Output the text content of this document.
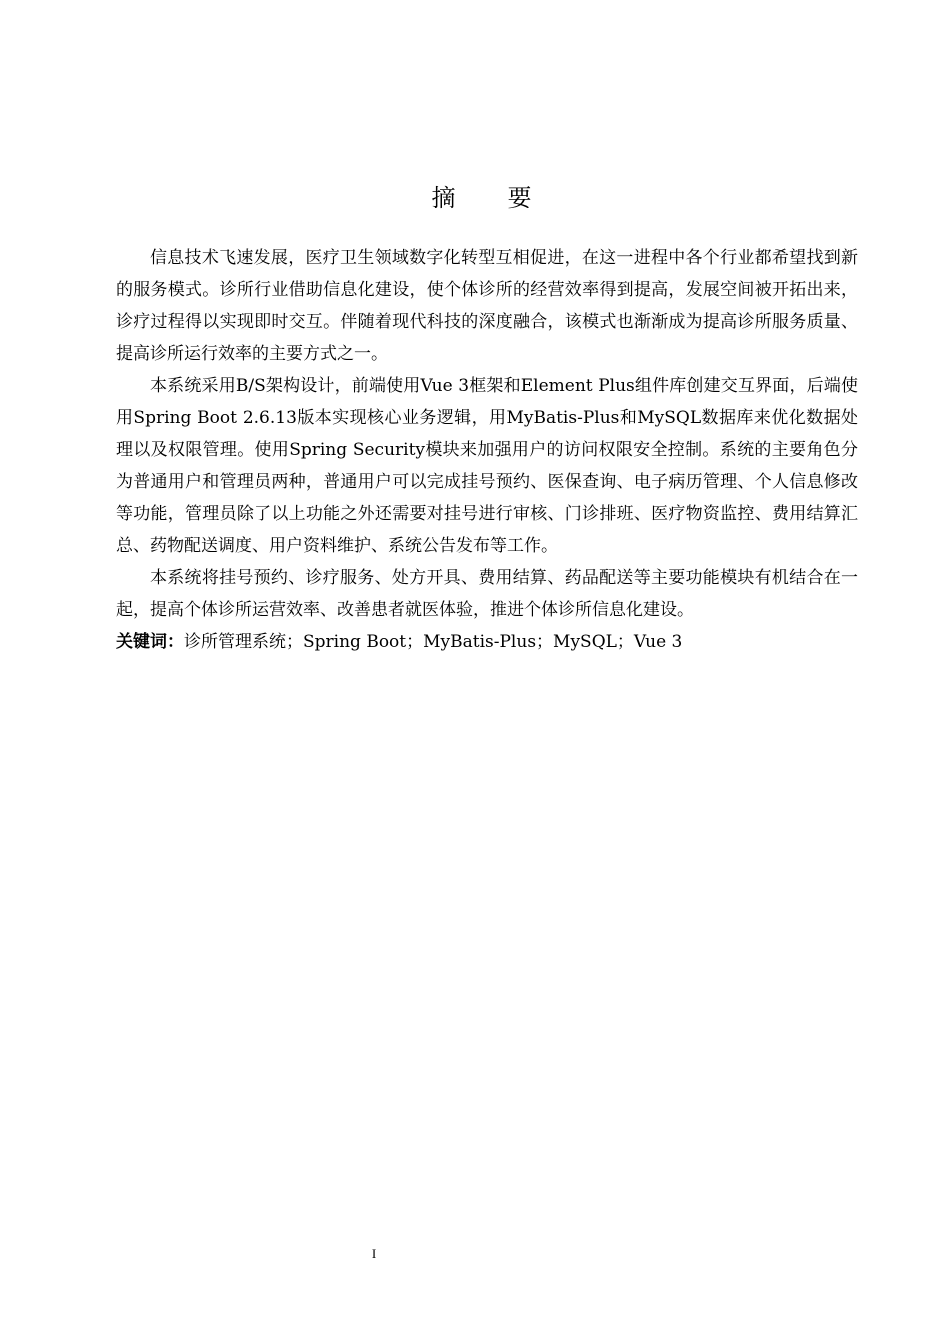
摘 要

信息技术飞速发展，医疗卫生领域数字化转型互相促进，在这一进程中各个行业都希望找到新的服务模式。诊所行业借助信息化建设，使个体诊所的经营效率得到提高，发展空间被开拓出来，诊疗过程得以实现即时交互。伴随着现代科技的深度融合，该模式也渐渐成为提高诊所服务质量、提高诊所运行效率的主要方式之一。

本系统采用B/S架构设计，前端使用Vue 3框架和Element Plus组件库创建交互界面，后端使用Spring Boot 2.6.13版本实现核心业务逻辑，用MyBatis-Plus和MySQL数据库来优化数据处理以及权限管理。使用Spring Security模块来加强用户的访问权限安全控制。系统的主要角色分为普通用户和管理员两种，普通用户可以完成挂号预约、医保查询、电子病历管理、个人信息修改等功能，管理员除了以上功能之外还需要对挂号进行审核、门诊排班、医疗物资监控、费用结算汇总、药物配送调度、用户资料维护、系统公告发布等工作。

本系统将挂号预约、诊疗服务、处方开具、费用结算、药品配送等主要功能模块有机结合在一起，提高个体诊所运营效率、改善患者就医体验，推进个体诊所信息化建设。

关键词：诊所管理系统；Spring Boot；MyBatis-Plus；MySQL；Vue 3

I
